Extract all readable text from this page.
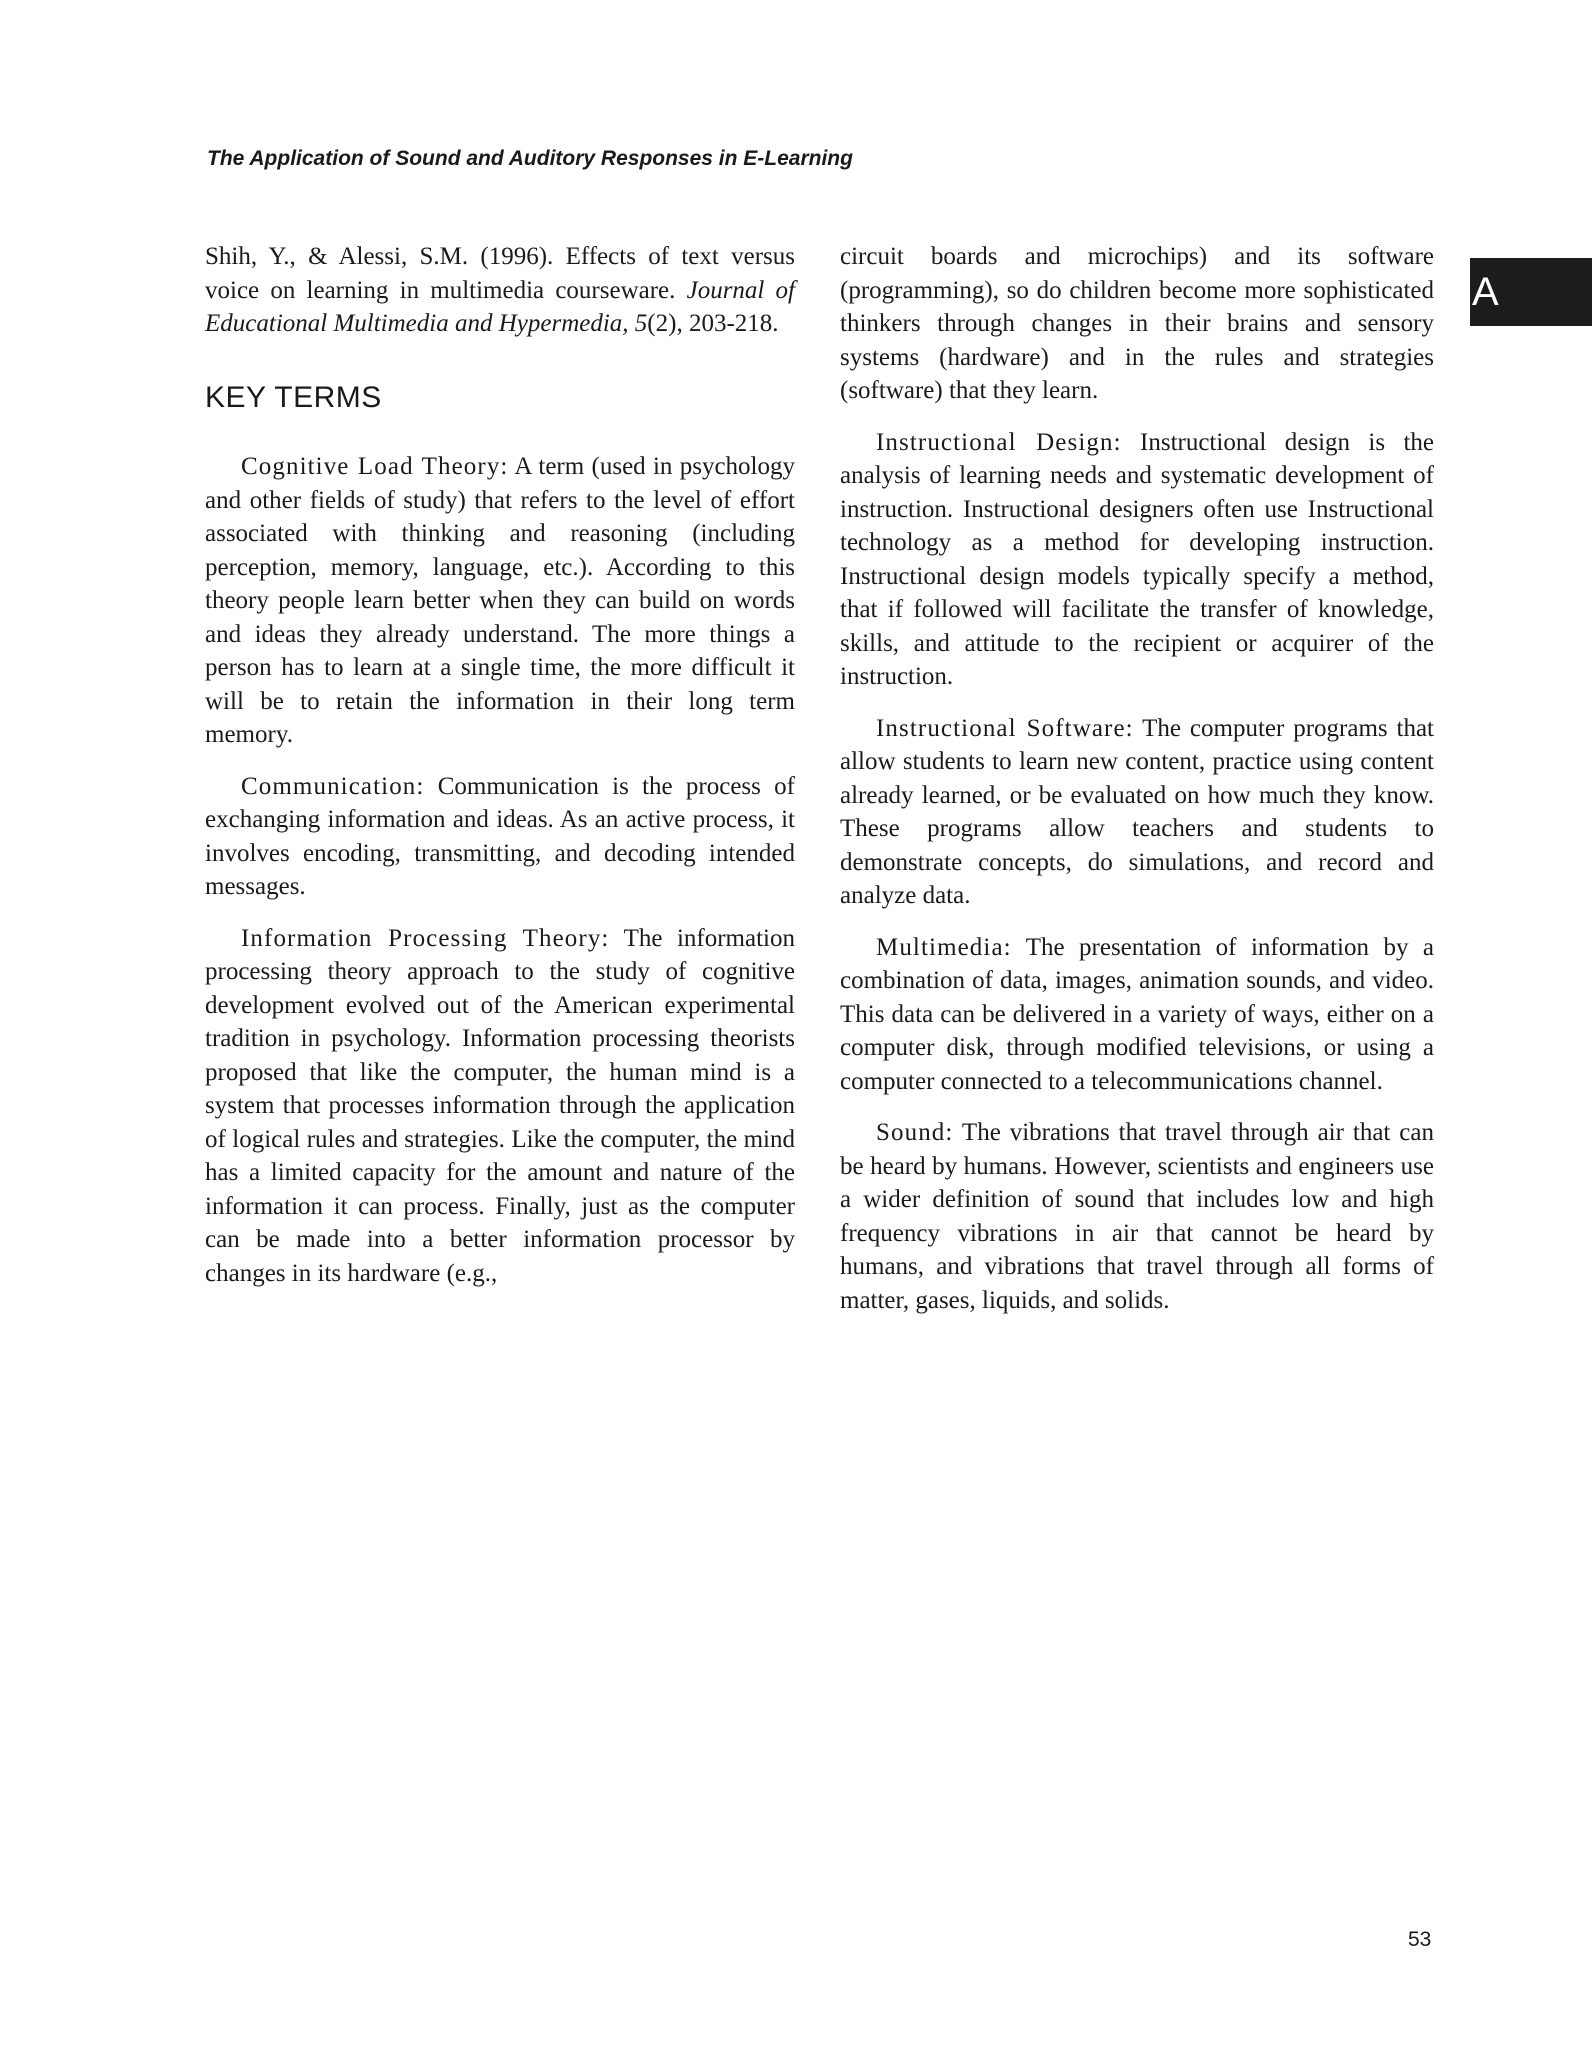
The Application of Sound and Auditory Responses in E-Learning
A

Shih, Y., & Alessi, S.M. (1996). Effects of text versus voice on learning in multimedia courseware. Journal of Educational Multimedia and Hypermedia, 5(2), 203-218.

KEY TERMS

Cognitive Load Theory: A term (used in psychology and other fields of study) that refers to the level of effort associated with thinking and reasoning (including perception, memory, language, etc.). According to this theory people learn better when they can build on words and ideas they already understand. The more things a person has to learn at a single time, the more difficult it will be to retain the information in their long term memory.

Communication: Communication is the process of exchanging information and ideas. As an active process, it involves encoding, transmitting, and decoding intended messages.

Information Processing Theory: The information processing theory approach to the study of cognitive development evolved out of the American experimental tradition in psychology. Information processing theorists proposed that like the computer, the human mind is a system that processes information through the application of logical rules and strategies. Like the computer, the mind has a limited capacity for the amount and nature of the information it can process. Finally, just as the computer can be made into a better information processor by changes in its hardware (e.g.,

circuit boards and microchips) and its software (programming), so do children become more sophisticated thinkers through changes in their brains and sensory systems (hardware) and in the rules and strategies (software) that they learn.

Instructional Design: Instructional design is the analysis of learning needs and systematic development of instruction. Instructional designers often use Instructional technology as a method for developing instruction. Instructional design models typically specify a method, that if followed will facilitate the transfer of knowledge, skills, and attitude to the recipient or acquirer of the instruction.

Instructional Software: The computer programs that allow students to learn new content, practice using content already learned, or be evaluated on how much they know. These programs allow teachers and students to demonstrate concepts, do simulations, and record and analyze data.

Multimedia: The presentation of information by a combination of data, images, animation sounds, and video. This data can be delivered in a variety of ways, either on a computer disk, through modified televisions, or using a computer connected to a telecommunications channel.

Sound: The vibrations that travel through air that can be heard by humans. However, scientists and engineers use a wider definition of sound that includes low and high frequency vibrations in air that cannot be heard by humans, and vibrations that travel through all forms of matter, gases, liquids, and solids.

53
